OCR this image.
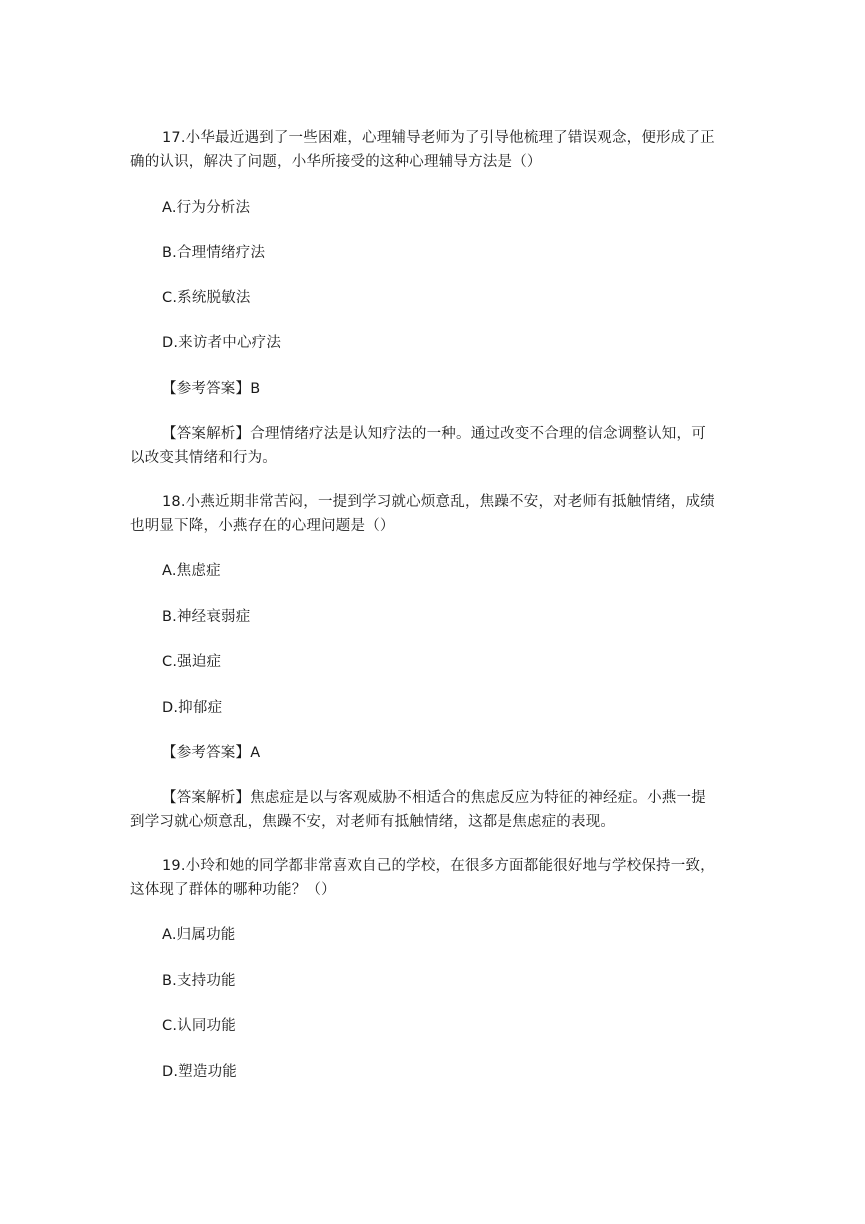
17.小华最近遇到了一些困难，心理辅导老师为了引导他梳理了错误观念，便形成了正
确的认识，解决了问题，小华所接受的这种心理辅导方法是（）
A.行为分析法
B.合理情绪疗法
C.系统脱敏法
D.来访者中心疗法
【参考答案】B
【答案解析】合理情绪疗法是认知疗法的一种。通过改变不合理的信念调整认知，可
以改变其情绪和行为。
18.小燕近期非常苦闷，一提到学习就心烦意乱，焦躁不安，对老师有抵触情绪，成绩
也明显下降，小燕存在的心理问题是（）
A.焦虑症
B.神经衰弱症
C.强迫症
D.抑郁症
【参考答案】A
【答案解析】焦虑症是以与客观威胁不相适合的焦虑反应为特征的神经症。小燕一提
到学习就心烦意乱，焦躁不安，对老师有抵触情绪，这都是焦虑症的表现。
19.小玲和她的同学都非常喜欢自己的学校，在很多方面都能很好地与学校保持一致，
这体现了群体的哪种功能？（）
A.归属功能
B.支持功能
C.认同功能
D.塑造功能
